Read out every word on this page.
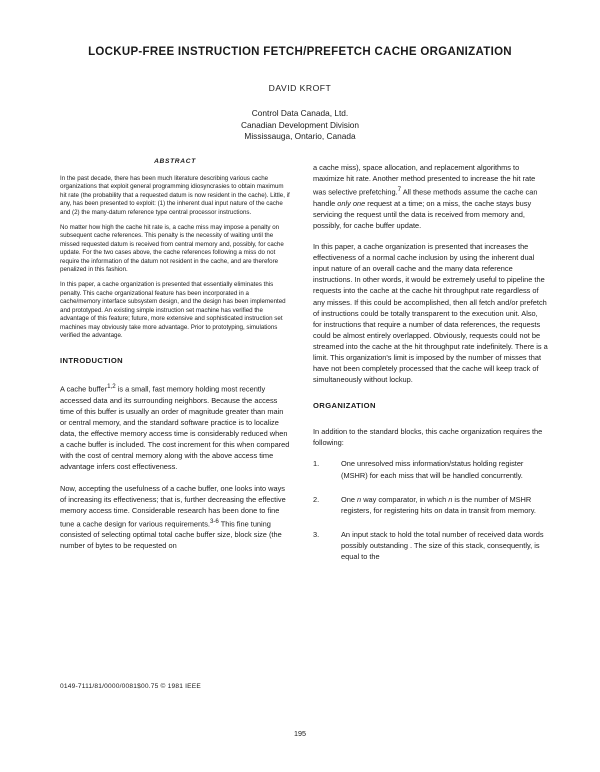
LOCKUP-FREE INSTRUCTION FETCH/PREFETCH CACHE ORGANIZATION
DAVID KROFT
Control Data Canada, Ltd.
Canadian Development Division
Mississauga, Ontario, Canada
ABSTRACT

In the past decade, there has been much literature describing various cache organizations that exploit general programming idiosyncrasies to obtain maximum hit rate (the probability that a requested datum is now resident in the cache). Little, if any, has been presented to exploit: (1) the inherent dual input nature of the cache and (2) the many-datum reference type central processor instructions.

No matter how high the cache hit rate is, a cache miss may impose a penalty on subsequent cache references. This penalty is the necessity of waiting until the missed requested datum is received from central memory and, possibly, for cache update. For the two cases above, the cache references following a miss do not require the information of the datum not resident in the cache, and are therefore penalized in this fashion.

In this paper, a cache organization is presented that essentially eliminates this penalty. This cache organizational feature has been incorporated in a cache/memory interface subsystem design, and the design has been implemented and prototyped. An existing simple instruction set machine has verified the advantage of this feature; future, more extensive and sophisticated instruction set machines may obviously take more advantage. Prior to prototyping, simulations verified the advantage.

INTRODUCTION

A cache buffer$^{1,2}$ is a small, fast memory holding most recently accessed data and its surrounding neighbors. Because the access time of this buffer is usually an order of magnitude greater than main or central memory, and the standard software practice is to localize data, the effective memory access time is considerably reduced when a cache buffer is included. The cost increment for this when compared with the cost of central memory along with the above access time advantage infers cost effectiveness.

Now, accepting the usefulness of a cache buffer, one looks into ways of increasing its effectiveness; that is, further decreasing the effective memory access time. Considerable research has been done to fine tune a cache design for various requirements.$^{3-6}$ This fine tuning consisted of selecting optimal total cache buffer size, block size (the number of bytes to be requested on

a cache miss), space allocation, and replacement algorithms to maximize hit rate. Another method presented to increase the hit rate was selective prefetching.$^7$ All these methods assume the cache can handle only one request at a time; on a miss, the cache stays busy servicing the request until the data is received from memory and, possibly, for cache buffer update.

In this paper, a cache organization is presented that increases the effectiveness of a normal cache inclusion by using the inherent dual input nature of an overall cache and the many data reference instructions. In other words, it would be extremely useful to pipeline the requests into the cache at the cache hit throughput rate regardless of any misses. If this could be accomplished, then all fetch and/or prefetch of instructions could be totally transparent to the execution unit. Also, for instructions that require a number of data references, the requests could be almost entirely overlapped. Obviously, requests could not be streamed into the cache at the hit throughput rate indefinitely. There is a limit. This organization's limit is imposed by the number of misses that have not been completely processed that the cache will keep track of simultaneously without lockup.

ORGANIZATION

In addition to the standard blocks, this cache organization requires the following:

1.	One unresolved miss information/status holding register (MSHR) for each miss that will be handled concurrently.
2.	One n way comparator, in which n is the number of MSHR registers, for registering hits on data in transit from memory.
3.	An input stack to hold the total number of received data words possibly outstanding . The size of this stack, consequently, is equal to the
0149-7111/81/0000/0081$00.75 © 1981 IEEE
195
